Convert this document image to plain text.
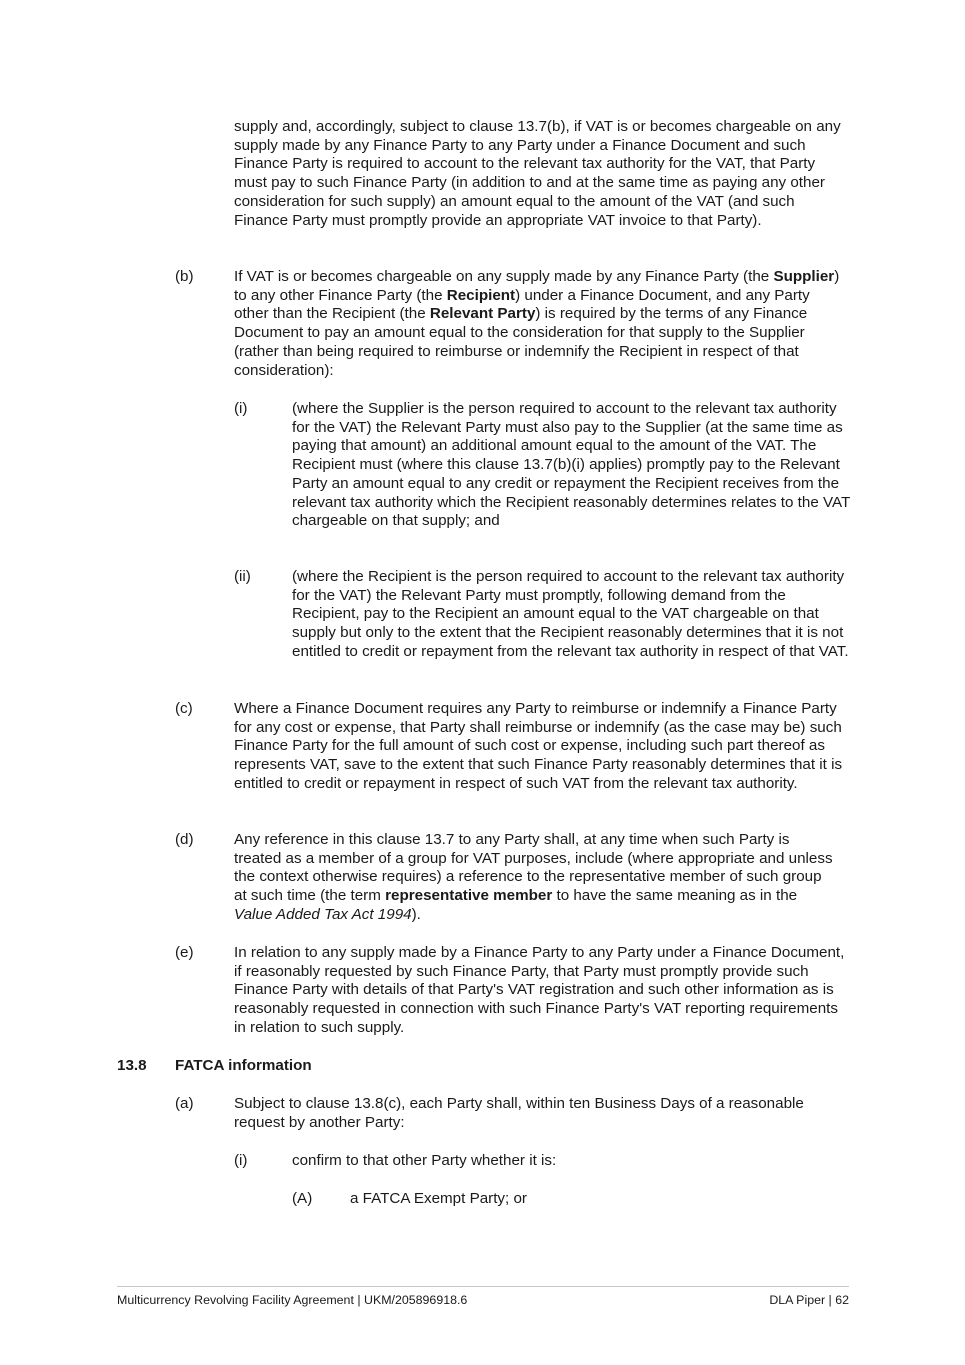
supply and, accordingly, subject to clause 13.7(b), if VAT is or becomes chargeable on any supply made by any Finance Party to any Party under a Finance Document and such Finance Party is required to account to the relevant tax authority for the VAT, that Party must pay to such Finance Party (in addition to and at the same time as paying any other consideration for such supply) an amount equal to the amount of the VAT (and such Finance Party must promptly provide an appropriate VAT invoice to that Party).

(b)	If VAT is or becomes chargeable on any supply made by any Finance Party (the Supplier) to any other Finance Party (the Recipient) under a Finance Document, and any Party other than the Recipient (the Relevant Party) is required by the terms of any Finance Document to pay an amount equal to the consideration for that supply to the Supplier (rather than being required to reimburse or indemnify the Recipient in respect of that consideration):

(i)	(where the Supplier is the person required to account to the relevant tax authority for the VAT) the Relevant Party must also pay to the Supplier (at the same time as paying that amount) an additional amount equal to the amount of the VAT. The Recipient must (where this clause 13.7(b)(i) applies) promptly pay to the Relevant Party an amount equal to any credit or repayment the Recipient receives from the relevant tax authority which the Recipient reasonably determines relates to the VAT chargeable on that supply; and

(ii)	(where the Recipient is the person required to account to the relevant tax authority for the VAT) the Relevant Party must promptly, following demand from the Recipient, pay to the Recipient an amount equal to the VAT chargeable on that supply but only to the extent that the Recipient reasonably determines that it is not entitled to credit or repayment from the relevant tax authority in respect of that VAT.

(c)	Where a Finance Document requires any Party to reimburse or indemnify a Finance Party for any cost or expense, that Party shall reimburse or indemnify (as the case may be) such Finance Party for the full amount of such cost or expense, including such part thereof as represents VAT, save to the extent that such Finance Party reasonably determines that it is entitled to credit or repayment in respect of such VAT from the relevant tax authority.

(d)	Any reference in this clause 13.7 to any Party shall, at any time when such Party is treated as a member of a group for VAT purposes, include (where appropriate and unless the context otherwise requires) a reference to the representative member of such group at such time (the term representative member to have the same meaning as in the Value Added Tax Act 1994).

(e)	In relation to any supply made by a Finance Party to any Party under a Finance Document, if reasonably requested by such Finance Party, that Party must promptly provide such Finance Party with details of that Party's VAT registration and such other information as is reasonably requested in connection with such Finance Party's VAT reporting requirements in relation to such supply.

13.8 FATCA information
(a)	Subject to clause 13.8(c), each Party shall, within ten Business Days of a reasonable request by another Party:

(i)	confirm to that other Party whether it is:

(A) a FATCA Exempt Party; or

Multicurrency Revolving Facility Agreement | UKM/205896918.6	DLA Piper | 62
